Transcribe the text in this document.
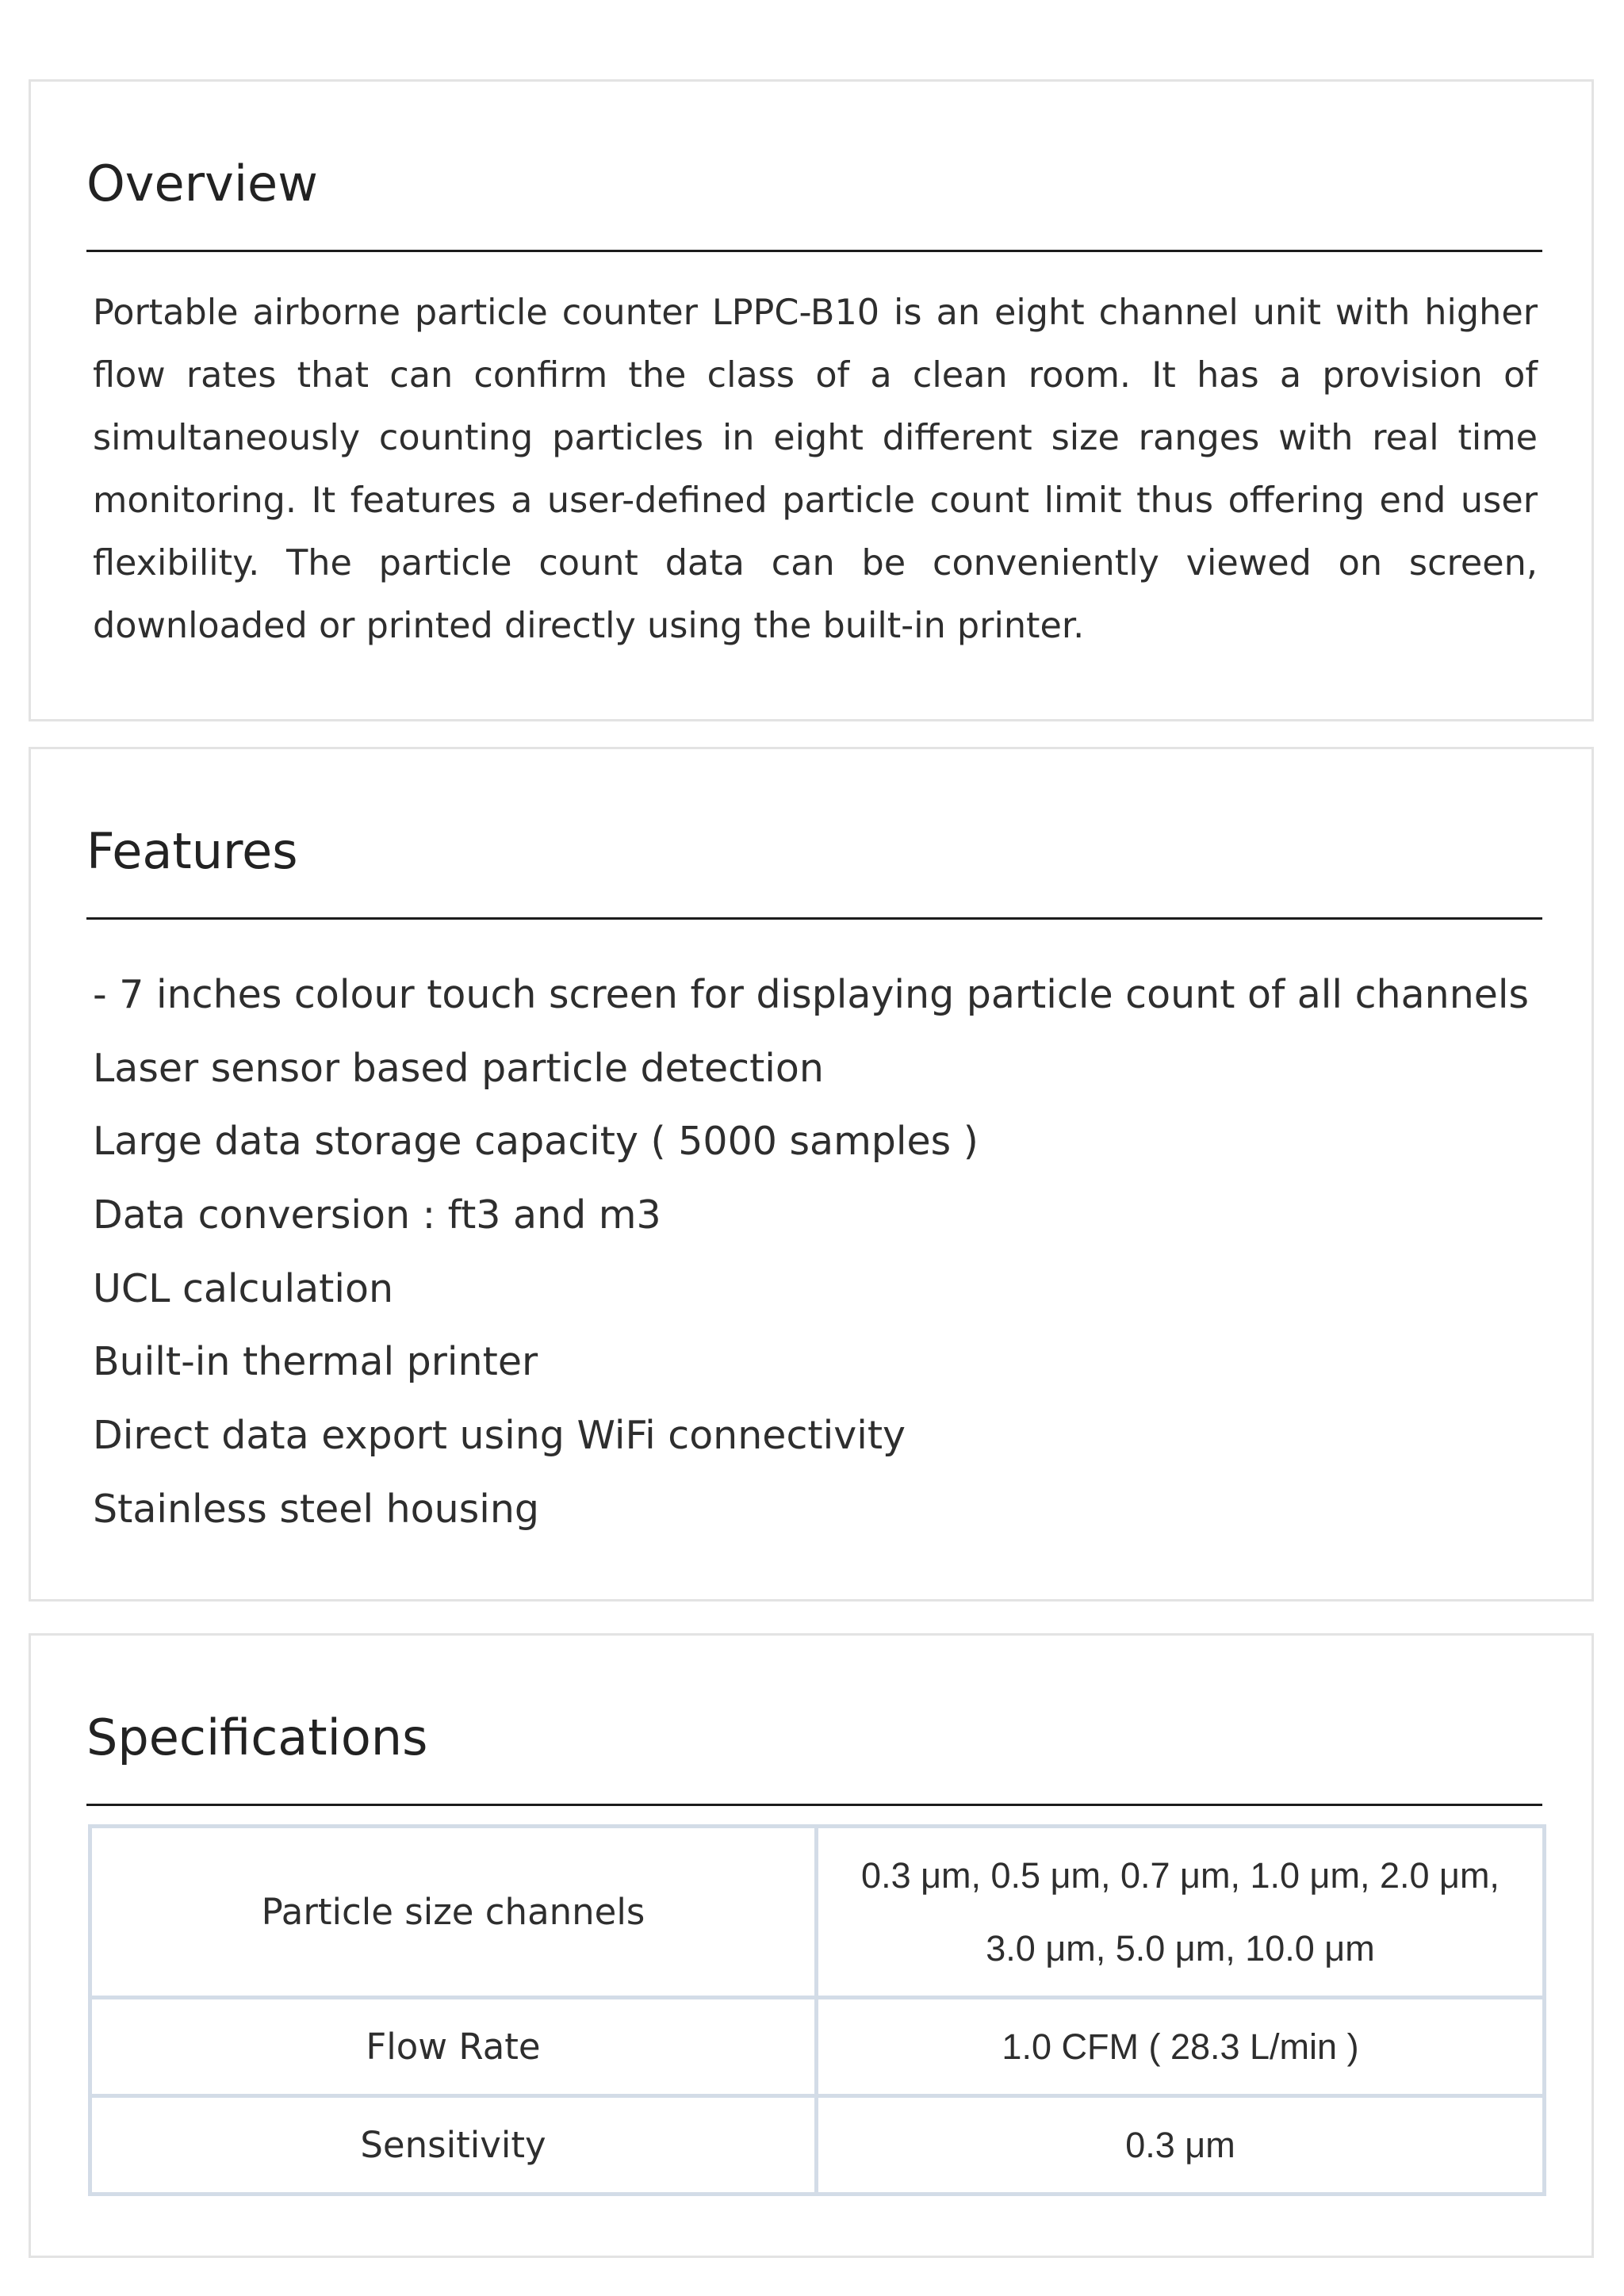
Overview

Portable airborne particle counter LPPC-B10 is an eight channel unit with higher flow rates that can confirm the class of a clean room. It has a provision of simultaneously counting particles in eight different size ranges with real time monitoring. It features a user-defined particle count limit thus offering end user flexibility. The particle count data can be conveniently viewed on screen, downloaded or printed directly using the built-in printer.

Features
- 7 inches colour touch screen for displaying particle count of all channels
Laser sensor based particle detection
Large data storage capacity ( 5000 samples )
Data conversion : ft3 and m3
UCL calculation
Built-in thermal printer
Direct data export using WiFi connectivity
Stainless steel housing
Specifications
Particle size channels	0.3 μm, 0.5 μm, 0.7 μm, 1.0 μm, 2.0 μm,
3.0 μm, 5.0 μm, 10.0 μm
Flow Rate	1.0 CFM ( 28.3 L/min )
Sensitivity	0.3 μm
